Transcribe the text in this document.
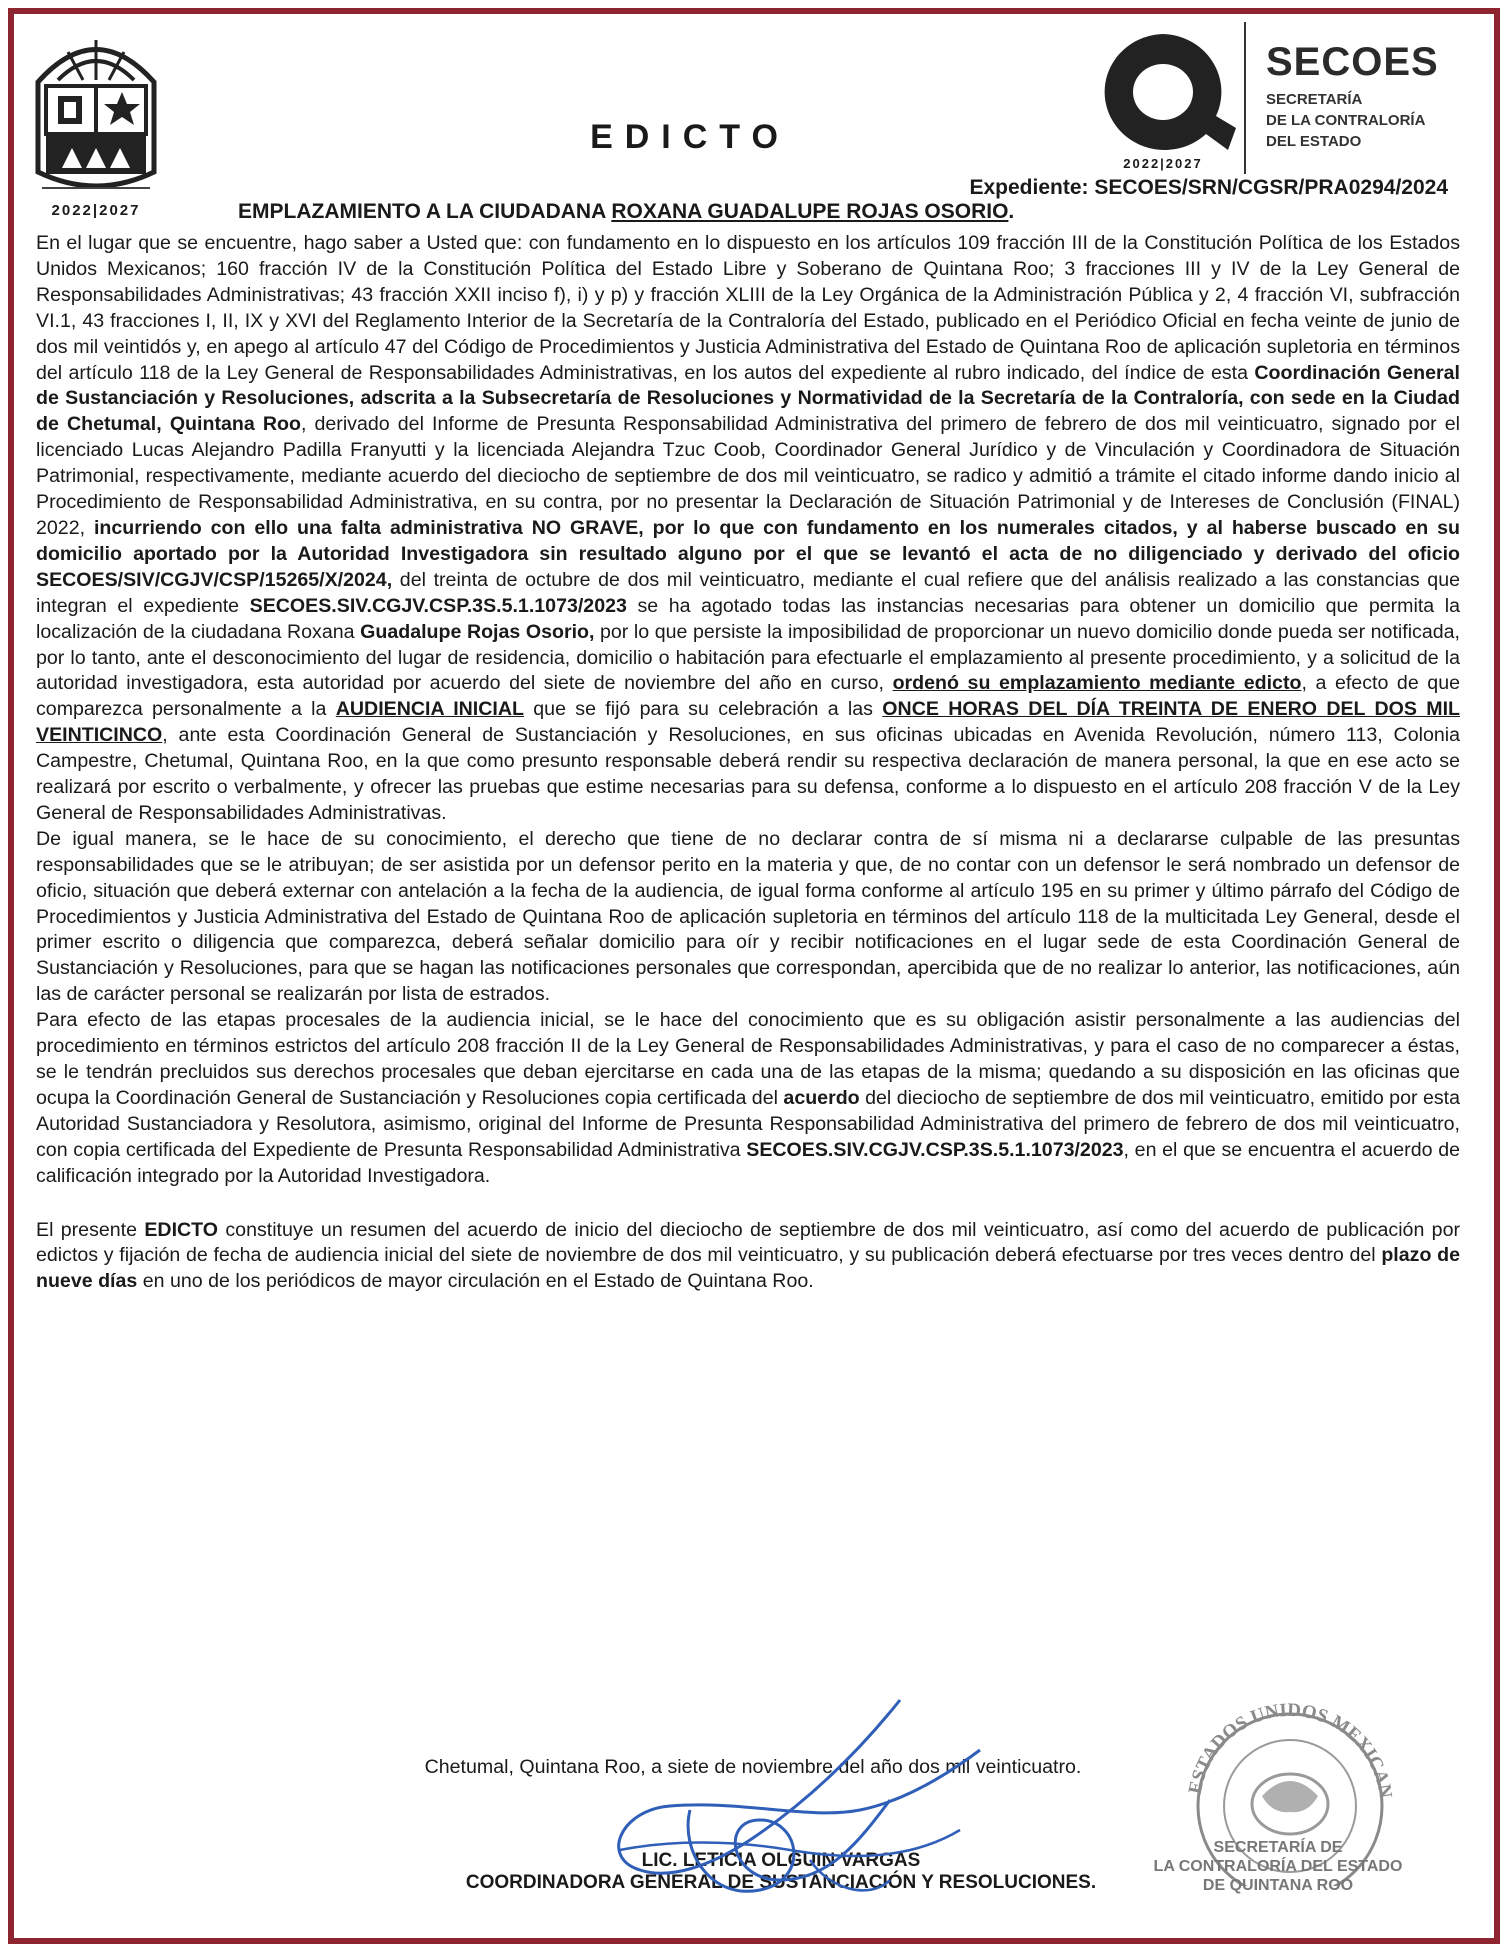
2022|2027
EDICTO
2022|2027
SECOES
SECRETARÍA
DE LA CONTRALORÍA
DEL ESTADO
Expediente: SECOES/SRN/CGSR/PRA0294/2024
EMPLAZAMIENTO A LA CIUDADANA ROXANA GUADALUPE ROJAS OSORIO.

En el lugar que se encuentre, hago saber a Usted que: con fundamento en lo dispuesto en los artículos 109 fracción III de la Constitución Política de los Estados Unidos Mexicanos; 160 fracción IV de la Constitución Política del Estado Libre y Soberano de Quintana Roo; 3 fracciones III y IV de la Ley General de Responsabilidades Administrativas; 43 fracción XXII inciso f), i) y p) y fracción XLIII de la Ley Orgánica de la Administración Pública y 2, 4 fracción VI, subfracción VI.1, 43 fracciones I, II, IX y XVI del Reglamento Interior de la Secretaría de la Contraloría del Estado, publicado en el Periódico Oficial en fecha veinte de junio de dos mil veintidós y, en apego al artículo 47 del Código de Procedimientos y Justicia Administrativa del Estado de Quintana Roo de aplicación supletoria en términos del artículo 118 de la Ley General de Responsabilidades Administrativas, en los autos del expediente al rubro indicado, del índice de esta Coordinación General de Sustanciación y Resoluciones, adscrita a la Subsecretaría de Resoluciones y Normatividad de la Secretaría de la Contraloría, con sede en la Ciudad de Chetumal, Quintana Roo, derivado del Informe de Presunta Responsabilidad Administrativa del primero de febrero de dos mil veinticuatro, signado por el licenciado Lucas Alejandro Padilla Franyutti y la licenciada Alejandra Tzuc Coob, Coordinador General Jurídico y de Vinculación y Coordinadora de Situación Patrimonial, respectivamente, mediante acuerdo del dieciocho de septiembre de dos mil veinticuatro, se radico y admitió a trámite el citado informe dando inicio al Procedimiento de Responsabilidad Administrativa, en su contra, por no presentar la Declaración de Situación Patrimonial y de Intereses de Conclusión (FINAL) 2022, incurriendo con ello una falta administrativa NO GRAVE, por lo que con fundamento en los numerales citados, y al haberse buscado en su domicilio aportado por la Autoridad Investigadora sin resultado alguno por el que se levantó el acta de no diligenciado y derivado del oficio SECOES/SIV/CGJV/CSP/15265/X/2024, del treinta de octubre de dos mil veinticuatro, mediante el cual refiere que del análisis realizado a las constancias que integran el expediente SECOES.SIV.CGJV.CSP.3S.5.1.1073/2023 se ha agotado todas las instancias necesarias para obtener un domicilio que permita la localización de la ciudadana Roxana Guadalupe Rojas Osorio, por lo que persiste la imposibilidad de proporcionar un nuevo domicilio donde pueda ser notificada, por lo tanto, ante el desconocimiento del lugar de residencia, domicilio o habitación para efectuarle el emplazamiento al presente procedimiento, y a solicitud de la autoridad investigadora, esta autoridad por acuerdo del siete de noviembre del año en curso, ordenó su emplazamiento mediante edicto, a efecto de que comparezca personalmente a la AUDIENCIA INICIAL que se fijó para su celebración a las ONCE HORAS DEL DÍA TREINTA DE ENERO DEL DOS MIL VEINTICINCO, ante esta Coordinación General de Sustanciación y Resoluciones, en sus oficinas ubicadas en Avenida Revolución, número 113, Colonia Campestre, Chetumal, Quintana Roo, en la que como presunto responsable deberá rendir su respectiva declaración de manera personal, la que en ese acto se realizará por escrito o verbalmente, y ofrecer las pruebas que estime necesarias para su defensa, conforme a lo dispuesto en el artículo 208 fracción V de la Ley General de Responsabilidades Administrativas.

De igual manera, se le hace de su conocimiento, el derecho que tiene de no declarar contra de sí misma ni a declararse culpable de las presuntas responsabilidades que se le atribuyan; de ser asistida por un defensor perito en la materia y que, de no contar con un defensor le será nombrado un defensor de oficio, situación que deberá externar con antelación a la fecha de la audiencia, de igual forma conforme al artículo 195 en su primer y último párrafo del Código de Procedimientos y Justicia Administrativa del Estado de Quintana Roo de aplicación supletoria en términos del artículo 118 de la multicitada Ley General, desde el primer escrito o diligencia que comparezca, deberá señalar domicilio para oír y recibir notificaciones en el lugar sede de esta Coordinación General de Sustanciación y Resoluciones, para que se hagan las notificaciones personales que correspondan, apercibida que de no realizar lo anterior, las notificaciones, aún las de carácter personal se realizarán por lista de estrados.

Para efecto de las etapas procesales de la audiencia inicial, se le hace del conocimiento que es su obligación asistir personalmente a las audiencias del procedimiento en términos estrictos del artículo 208 fracción II de la Ley General de Responsabilidades Administrativas, y para el caso de no comparecer a éstas, se le tendrán precluidos sus derechos procesales que deban ejercitarse en cada una de las etapas de la misma; quedando a su disposición en las oficinas que ocupa la Coordinación General de Sustanciación y Resoluciones copia certificada del acuerdo del dieciocho de septiembre de dos mil veinticuatro, emitido por esta Autoridad Sustanciadora y Resolutora, asimismo, original del Informe de Presunta Responsabilidad Administrativa del primero de febrero de dos mil veinticuatro, con copia certificada del Expediente de Presunta Responsabilidad Administrativa SECOES.SIV.CGJV.CSP.3S.5.1.1073/2023, en el que se encuentra el acuerdo de calificación integrado por la Autoridad Investigadora.

El presente EDICTO constituye un resumen del acuerdo de inicio del dieciocho de septiembre de dos mil veinticuatro, así como del acuerdo de publicación por edictos y fijación de fecha de audiencia inicial del siete de noviembre de dos mil veinticuatro, y su publicación deberá efectuarse por tres veces dentro del plazo de nueve días en uno de los periódicos de mayor circulación en el Estado de Quintana Roo.

Chetumal, Quintana Roo, a siete de noviembre del año dos mil veinticuatro.
ESTADOS UNIDOS MEXICAN
SECRETARÍA DE
LA CONTRALORÍA DEL ESTADO
DE QUINTANA ROO
LIC. LETICIA OLGUIN VARGAS
COORDINADORA GENERAL DE SUSTANCIACIÓN Y RESOLUCIONES.
